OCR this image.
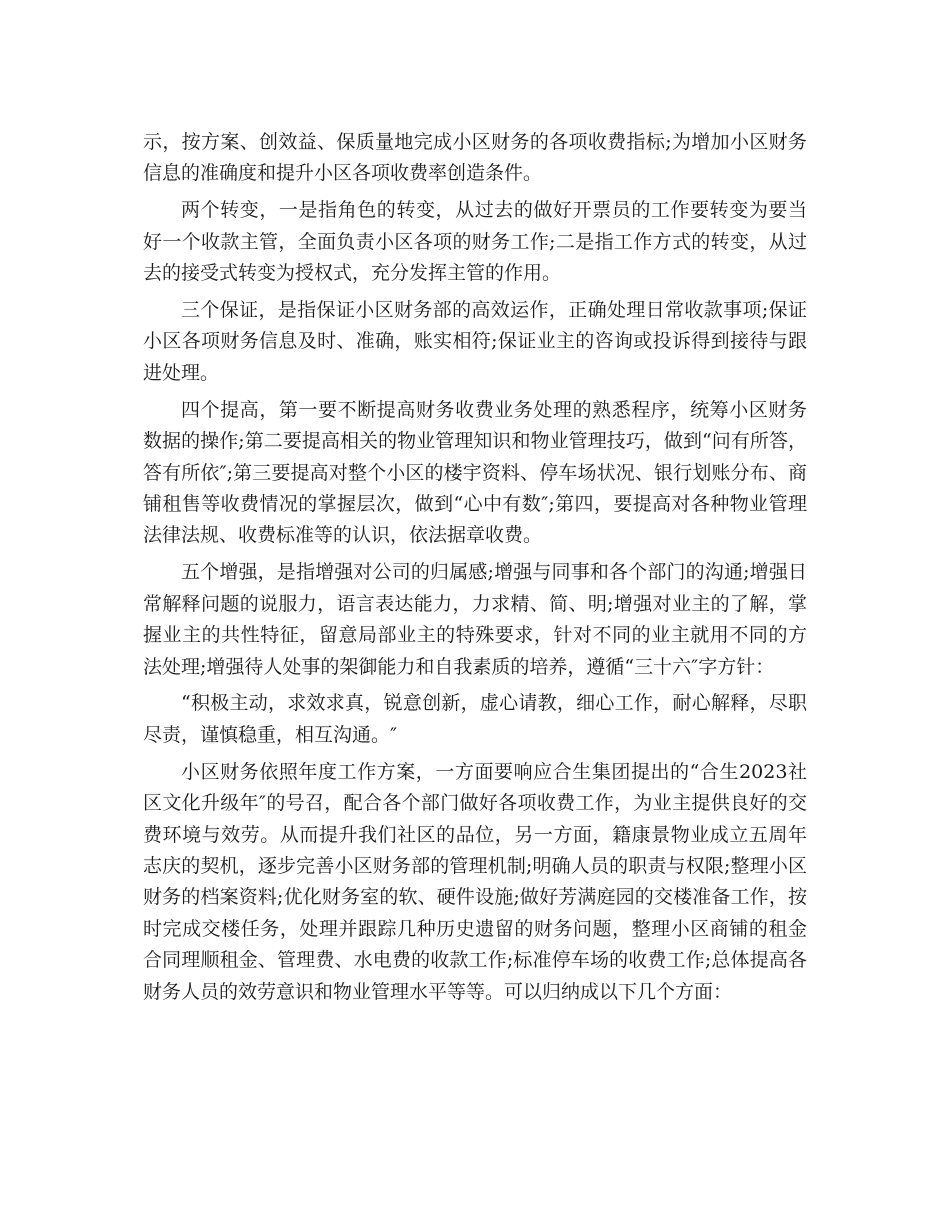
示，按方案、创效益、保质量地完成小区财务的各项收费指标;为增加小区财务信息的准确度和提升小区各项收费率创造条件。

两个转变，一是指角色的转变，从过去的做好开票员的工作要转变为要当好一个收款主管，全面负责小区各项的财务工作;二是指工作方式的转变，从过去的接受式转变为授权式，充分发挥主管的作用。

三个保证，是指保证小区财务部的高效运作，正确处理日常收款事项;保证小区各项财务信息及时、准确，账实相符;保证业主的咨询或投诉得到接待与跟进处理。

四个提高，第一要不断提高财务收费业务处理的熟悉程序，统筹小区财务数据的操作;第二要提高相关的物业管理知识和物业管理技巧，做到“问有所答，答有所依″;第三要提高对整个小区的楼宇资料、停车场状况、银行划账分布、商铺租售等收费情况的掌握层次，做到“心中有数″;第四，要提高对各种物业管理法律法规、收费标准等的认识，依法据章收费。

五个增强，是指增强对公司的归属感;增强与同事和各个部门的沟通;增强日常解释问题的说服力，语言表达能力，力求精、简、明;增强对业主的了解，掌握业主的共性特征，留意局部业主的特殊要求，针对不同的业主就用不同的方法处理;增强待人处事的架御能力和自我素质的培养，遵循“三十六″字方针：

“积极主动，求效求真，锐意创新，虚心请教，细心工作，耐心解释，尽职尽责，谨慎稳重，相互沟通。″

小区财务依照年度工作方案，一方面要响应合生集团提出的“合生2023社区文化升级年″的号召，配合各个部门做好各项收费工作，为业主提供良好的交费环境与效劳。从而提升我们社区的品位，另一方面，籍康景物业成立五周年志庆的契机，逐步完善小区财务部的管理机制;明确人员的职责与权限;整理小区财务的档案资料;优化财务室的软、硬件设施;做好芳满庭园的交楼准备工作，按时完成交楼任务，处理并跟踪几种历史遗留的财务问题，整理小区商铺的租金合同理顺租金、管理费、水电费的收款工作;标准停车场的收费工作;总体提高各财务人员的效劳意识和物业管理水平等等。可以归纳成以下几个方面：
